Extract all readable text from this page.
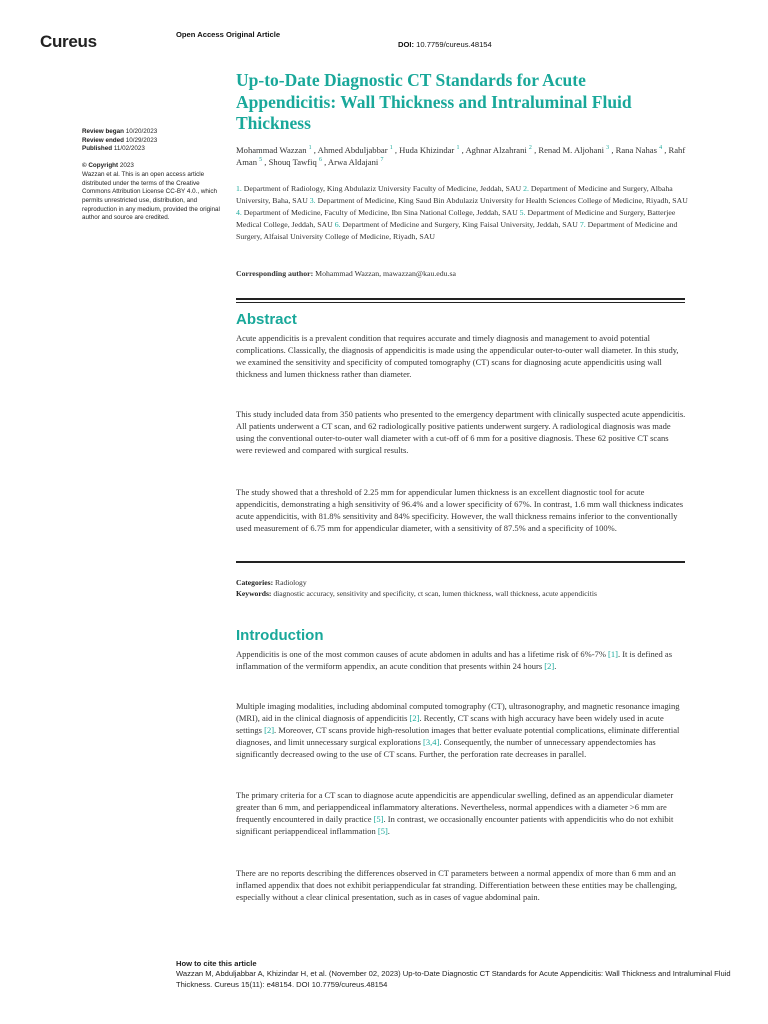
Cureus	Open Access Original Article
DOI: 10.7759/cureus.48154
Up-to-Date Diagnostic CT Standards for Acute Appendicitis: Wall Thickness and Intraluminal Fluid Thickness

Review began 10/20/2023

Review ended 10/29/2023

Published 11/02/2023

© Copyright 2023

Wazzan et al. This is an open access article distributed under the terms of the Creative Commons Attribution License CC-BY 4.0., which permits unrestricted use, distribution, and reproduction in any medium, provided the original author and source are credited.

Mohammad Wazzan $^1$ , Ahmed Abduljabbar $^1$ , Huda Khizindar $^1$ , Aghnar Alzahrani $^2$ , Renad M. Aljohani $^3$ , Rana Nahas $^4$ , Rahf Aman $^5$ , Shouq Tawfiq $^6$ , Arwa Aldajani $^7$
1. Department of Radiology, King Abdulaziz University Faculty of Medicine, Jeddah, SAU 2. Department of Medicine and Surgery, Albaha University, Baha, SAU 3. Department of Medicine, King Saud Bin Abdulaziz University for Health Sciences College of Medicine, Riyadh, SAU 4. Department of Medicine, Faculty of Medicine, Ibn Sina National College, Jeddah, SAU 5. Department of Medicine and Surgery, Batterjee Medical College, Jeddah, SAU 6. Department of Medicine and Surgery, King Faisal University, Jeddah, SAU 7. Department of Medicine and Surgery, Alfaisal University College of Medicine, Riyadh, SAU
Corresponding author: Mohammad Wazzan, mawazzan@kau.edu.sa
Abstract

Acute appendicitis is a prevalent condition that requires accurate and timely diagnosis and management to avoid potential complications. Classically, the diagnosis of appendicitis is made using the appendicular outer-to-outer wall diameter. In this study, we examined the sensitivity and specificity of computed tomography (CT) scans for diagnosing acute appendicitis using wall thickness and lumen thickness rather than diameter.

This study included data from 350 patients who presented to the emergency department with clinically suspected acute appendicitis. All patients underwent a CT scan, and 62 radiologically positive patients underwent surgery. A radiological diagnosis was made using the conventional outer-to-outer wall diameter with a cut-off of 6 mm for a positive diagnosis. These 62 positive CT scans were reviewed and compared with surgical results.

The study showed that a threshold of 2.25 mm for appendicular lumen thickness is an excellent diagnostic tool for acute appendicitis, demonstrating a high sensitivity of 96.4% and a lower specificity of 67%. In contrast, 1.6 mm wall thickness indicates acute appendicitis, with 81.8% sensitivity and 84% specificity. However, the wall thickness remains inferior to the conventionally used measurement of 6.75 mm for appendicular diameter, with a sensitivity of 87.5% and a specificity of 100%.

Categories: Radiology

Keywords: diagnostic accuracy, sensitivity and specificity, ct scan, lumen thickness, wall thickness, acute appendicitis

Introduction

Appendicitis is one of the most common causes of acute abdomen in adults and has a lifetime risk of 6%-7% [1]. It is defined as inflammation of the vermiform appendix, an acute condition that presents within 24 hours [2].

Multiple imaging modalities, including abdominal computed tomography (CT), ultrasonography, and magnetic resonance imaging (MRI), aid in the clinical diagnosis of appendicitis [2]. Recently, CT scans with high accuracy have been widely used in acute settings [2]. Moreover, CT scans provide high-resolution images that better evaluate potential complications, eliminate differential diagnoses, and limit unnecessary surgical explorations [3,4]. Consequently, the number of unnecessary appendectomies has significantly decreased owing to the use of CT scans. Further, the perforation rate decreases in parallel.

The primary criteria for a CT scan to diagnose acute appendicitis are appendicular swelling, defined as an appendicular diameter greater than 6 mm, and periappendiceal inflammatory alterations. Nevertheless, normal appendices with a diameter >6 mm are frequently encountered in daily practice [5]. In contrast, we occasionally encounter patients with appendicitis who do not exhibit significant periappendiceal inflammation [5].

There are no reports describing the differences observed in CT parameters between a normal appendix of more than 6 mm and an inflamed appendix that does not exhibit periappendicular fat stranding. Differentiation between these entities may be challenging, especially without a clear clinical presentation, such as in cases of vague abdominal pain.

How to cite this article

Wazzan M, Abduljabbar A, Khizindar H, et al. (November 02, 2023) Up-to-Date Diagnostic CT Standards for Acute Appendicitis: Wall Thickness and Intraluminal Fluid Thickness. Cureus 15(11): e48154. DOI 10.7759/cureus.48154
